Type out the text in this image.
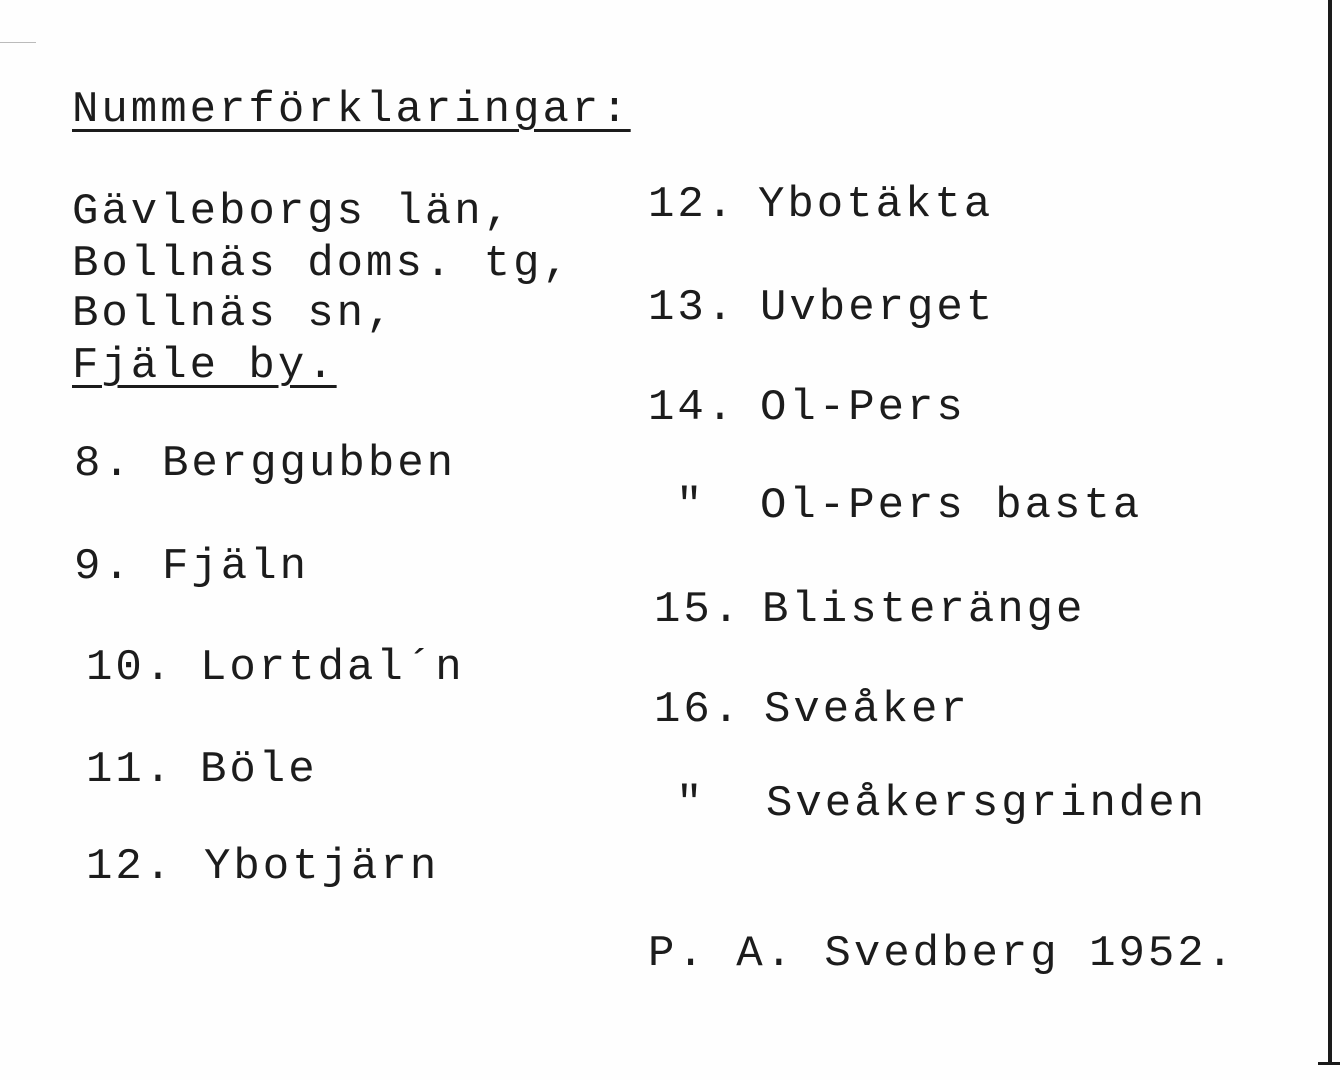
Nummerförklaringar:
Gävleborgs län,
Bollnäs doms. tg,
Bollnäs sn,
Fjäle by.
8. Berggubben
9. Fjäln
10. Lortdal´n
11. Böle
12. Ybotjärn
12. Ybotäkta
13. Uvberget
14. Ol-Pers
" Ol-Pers basta
15. Blisteränge
16. Sveåker
" Sveåkersgrinden
P. A. Svedberg 1952.
